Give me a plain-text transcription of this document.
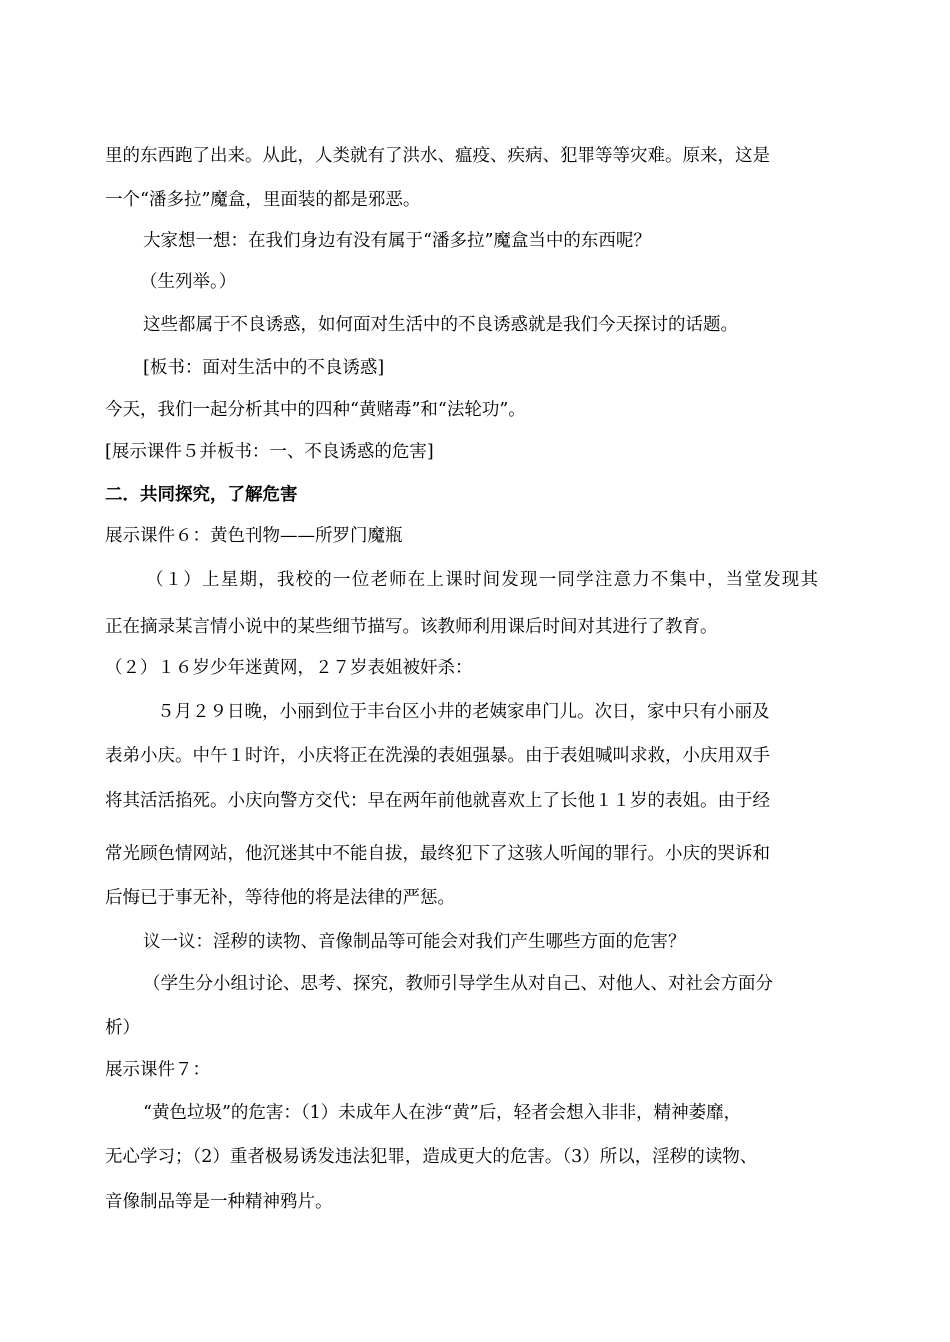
里的东西跑了出来。从此，人类就有了洪水、瘟疫、疾病、犯罪等等灾难。原来，这是

一个“潘多拉”魔盒，里面装的都是邪恶。

大家想一想：在我们身边有没有属于“潘多拉”魔盒当中的东西呢？

（生列举。）

这些都属于不良诱惑，如何面对生活中的不良诱惑就是我们今天探讨的话题。

[板书：面对生活中的不良诱惑]

今天，我们一起分析其中的四种“黄赌毒”和“法轮功”。

[展示课件５并板书：一、不良诱惑的危害]

二．共同探究，了解危害

展示课件６：黄色刊物——所罗门魔瓶

（１）上星期，我校的一位老师在上课时间发现一同学注意力不集中，当堂发现其

正在摘录某言情小说中的某些细节描写。该教师利用课后时间对其进行了教育。

（２）１６岁少年迷黄网，２７岁表姐被奸杀：

５月２９日晚，小丽到位于丰台区小井的老姨家串门儿。次日，家中只有小丽及

表弟小庆。中午１时许，小庆将正在洗澡的表姐强暴。由于表姐喊叫求救，小庆用双手

将其活活掐死。小庆向警方交代：早在两年前他就喜欢上了长他１１岁的表姐。由于经

常光顾色情网站，他沉迷其中不能自拔，最终犯下了这骇人听闻的罪行。小庆的哭诉和

后悔已于事无补，等待他的将是法律的严惩。

议一议：淫秽的读物、音像制品等可能会对我们产生哪些方面的危害？

（学生分小组讨论、思考、探究，教师引导学生从对自己、对他人、对社会方面分

析）

展示课件７：

“黄色垃圾”的危害：（1）未成年人在涉“黄”后，轻者会想入非非，精神萎靡，

无心学习；（2）重者极易诱发违法犯罪，造成更大的危害。（3）所以，淫秽的读物、

音像制品等是一种精神鸦片。
